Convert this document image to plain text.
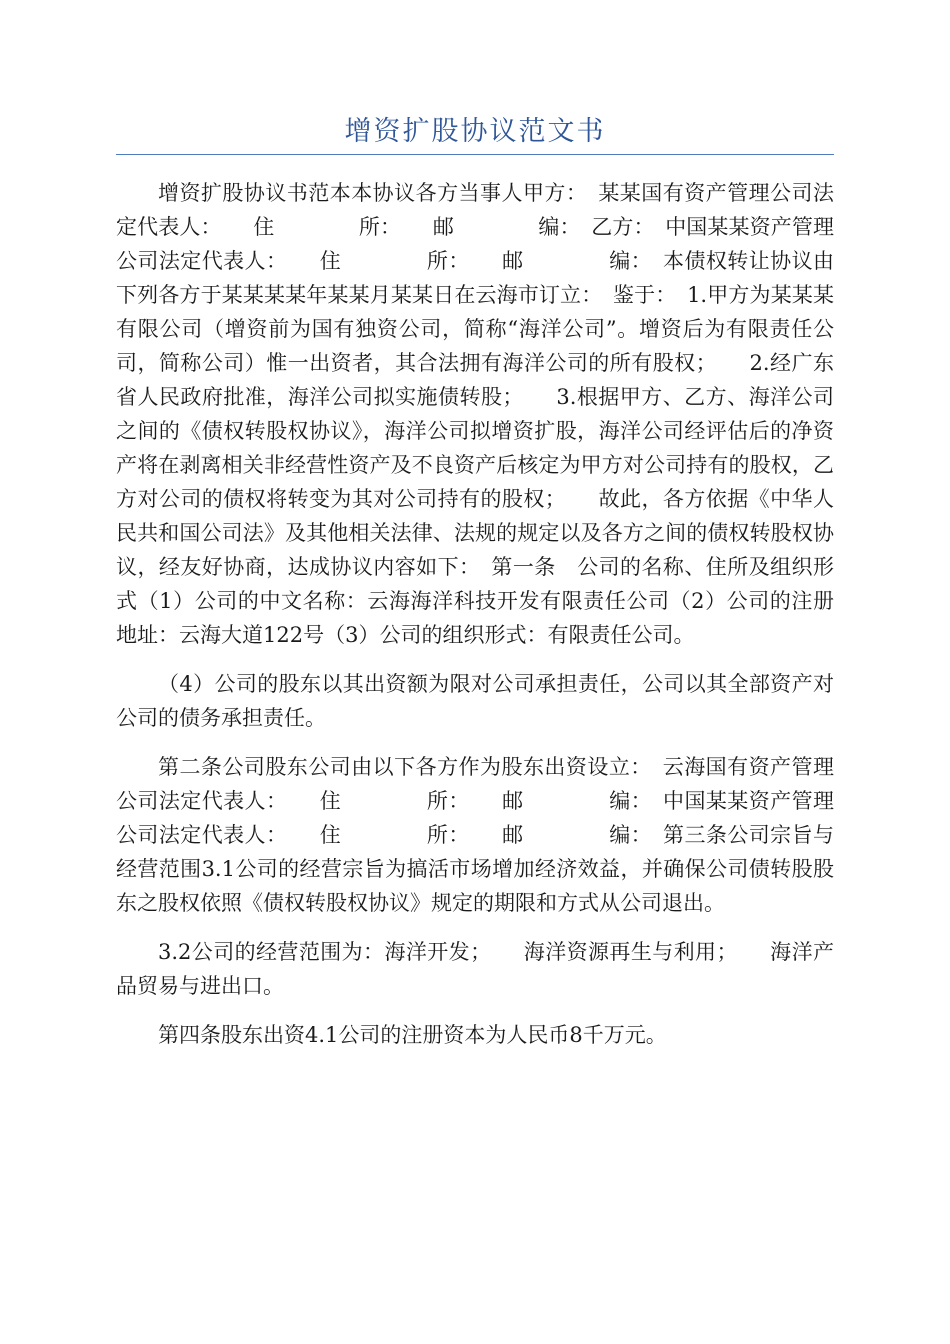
增资扩股协议范文书

增资扩股协议书范本本协议各方当事人甲方：　某某国有资产管理公司法定代表人：　　住　　　　所：　　邮　　　　编：　乙方：　中国某某资产管理公司法定代表人：　　住　　　　所：　　邮　　　　编：　本债权转让协议由下列各方于某某某某年某某月某某日在云海市订立：　鉴于：　1.甲方为某某某有限公司（增资前为国有独资公司，简称“海洋公司”。增资后为有限责任公司，简称公司）惟一出资者，其合法拥有海洋公司的所有股权；　　2.经广东省人民政府批准，海洋公司拟实施债转股；　　3.根据甲方、乙方、海洋公司之间的《债权转股权协议》，海洋公司拟增资扩股，海洋公司经评估后的净资产将在剥离相关非经营性资产及不良资产后核定为甲方对公司持有的股权，乙方对公司的债权将转变为其对公司持有的股权；　　故此，各方依据《中华人民共和国公司法》及其他相关法律、法规的规定以及各方之间的债权转股权协议，经友好协商，达成协议内容如下：　第一条　公司的名称、住所及组织形式（1）公司的中文名称：云海海洋科技开发有限责任公司（2）公司的注册地址：云海大道122号（3）公司的组织形式：有限责任公司。

（4）公司的股东以其出资额为限对公司承担责任，公司以其全部资产对公司的债务承担责任。

第二条公司股东公司由以下各方作为股东出资设立：　云海国有资产管理公司法定代表人：　　住　　　　所：　　邮　　　　编：　中国某某资产管理公司法定代表人：　　住　　　　所：　　邮　　　　编：　第三条公司宗旨与经营范围3.1公司的经营宗旨为搞活市场增加经济效益，并确保公司债转股股东之股权依照《债权转股权协议》规定的期限和方式从公司退出。

3.2公司的经营范围为：海洋开发；　　海洋资源再生与利用；　　海洋产品贸易与进出口。

第四条股东出资4.1公司的注册资本为人民币8千万元。
